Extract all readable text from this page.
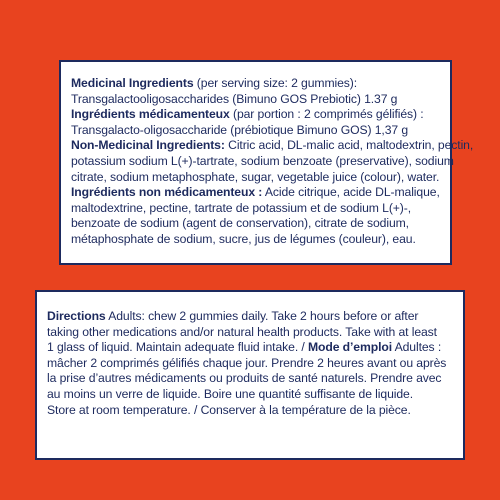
Medicinal Ingredients (per serving size: 2 gummies):
Transgalactooligosaccharides (Bimuno GOS Prebiotic) 1.37 g
Ingrédients médicamenteux (par portion : 2 comprimés gélifiés) :
Transgalacto-oligosaccharide (prébiotique Bimuno GOS) 1,37 g
Non-Medicinal Ingredients: Citric acid, DL-malic acid, maltodextrin, pectin,
potassium sodium L(+)-tartrate, sodium benzoate (preservative), sodium
citrate, sodium metaphosphate, sugar, vegetable juice (colour), water.
Ingrédients non médicamenteux : Acide citrique, acide DL-malique,
maltodextrine, pectine, tartrate de potassium et de sodium L(+)-,
benzoate de sodium (agent de conservation), citrate de sodium,
métaphosphate de sodium, sucre, jus de légumes (couleur), eau.
Directions Adults: chew 2 gummies daily. Take 2 hours before or after
taking other medications and/or natural health products. Take with at least
1 glass of liquid. Maintain adequate fluid intake. / Mode d’emploi Adultes :
mâcher 2 comprimés gélifiés chaque jour. Prendre 2 heures avant ou après
la prise d’autres médicaments ou produits de santé naturels. Prendre avec
au moins un verre de liquide. Boire une quantité suffisante de liquide.
Store at room temperature. / Conserver à la température de la pièce.
